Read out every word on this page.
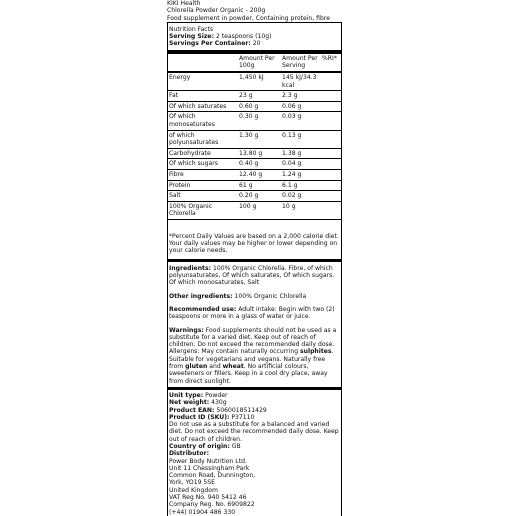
KIKI Health
Chlorella Powder Organic - 200g
Food supplement in powder, Containing protein, fibre
Nutrition Facts
Serving Size: 2 teaspoons (10g)
Servings Per Container: 20
	Amount Per 100g	Amount Per Serving	%RI*
Energy	1,450 kJ	145 kJ/34.3 kcal	
Fat	23 g	2.3 g	
Of which saturates	0.60 g	0.06 g	
Of which monosaturates	0.30 g	0.03 g	
of which polyunsaturates	1.30 g	0.13 g	
Carbohydrate	13.80 g	1.38 g	
Of which sugars	0.40 g	0.04 g	
Fibre	12.40 g	1.24 g	
Protein	61 g	6.1 g	
Salt	0.20 g	0.02 g	
100% Organic Chlorella	100 g	10 g	
*Percent Daily Values are based on a 2,000 calorie diet. Your daily values may be higher or lower depending on your calorie needs.

Ingredients: 100% Organic Chlorella. Fibre, of which polyunsaturates, Of which saturates, Of which sugars. Of which monosaturates, Salt

Other ingredients: 100% Organic Chlorella

Recommended use: Adult intake: Begin with two (2) teaspoons or more in a glass of water or juice.

Warnings: Food supplements should not be used as a substitute for a varied diet. Keep out of reach of children. Do not exceed the recommended daily dose. Allergens: May contain naturally occurring sulphites. Suitable for vegetarians and vegans. Naturally free from gluten and wheat. No artificial colours, sweeteners or fillers. Keep in a cool dry place, away from direct sunlight.

Unit type: Powder
Net weight: 430g
Product EAN: 5060018511429
Product ID (SKU): P37110
Do not use as a substitute for a balanced and varied diet. Do not exceed the recommended daily dose. Keep out of reach of children.
Country of origin: GB
Distributor:
Power Body Nutrition Ltd.
Unit 11 Chessingham Park
Common Road, Dunnington,
York, YO19 5SE
United Kingdom
VAT Reg No. 940 5412 46
Company Reg. No. 6909822
(+44) 01904 486 330
